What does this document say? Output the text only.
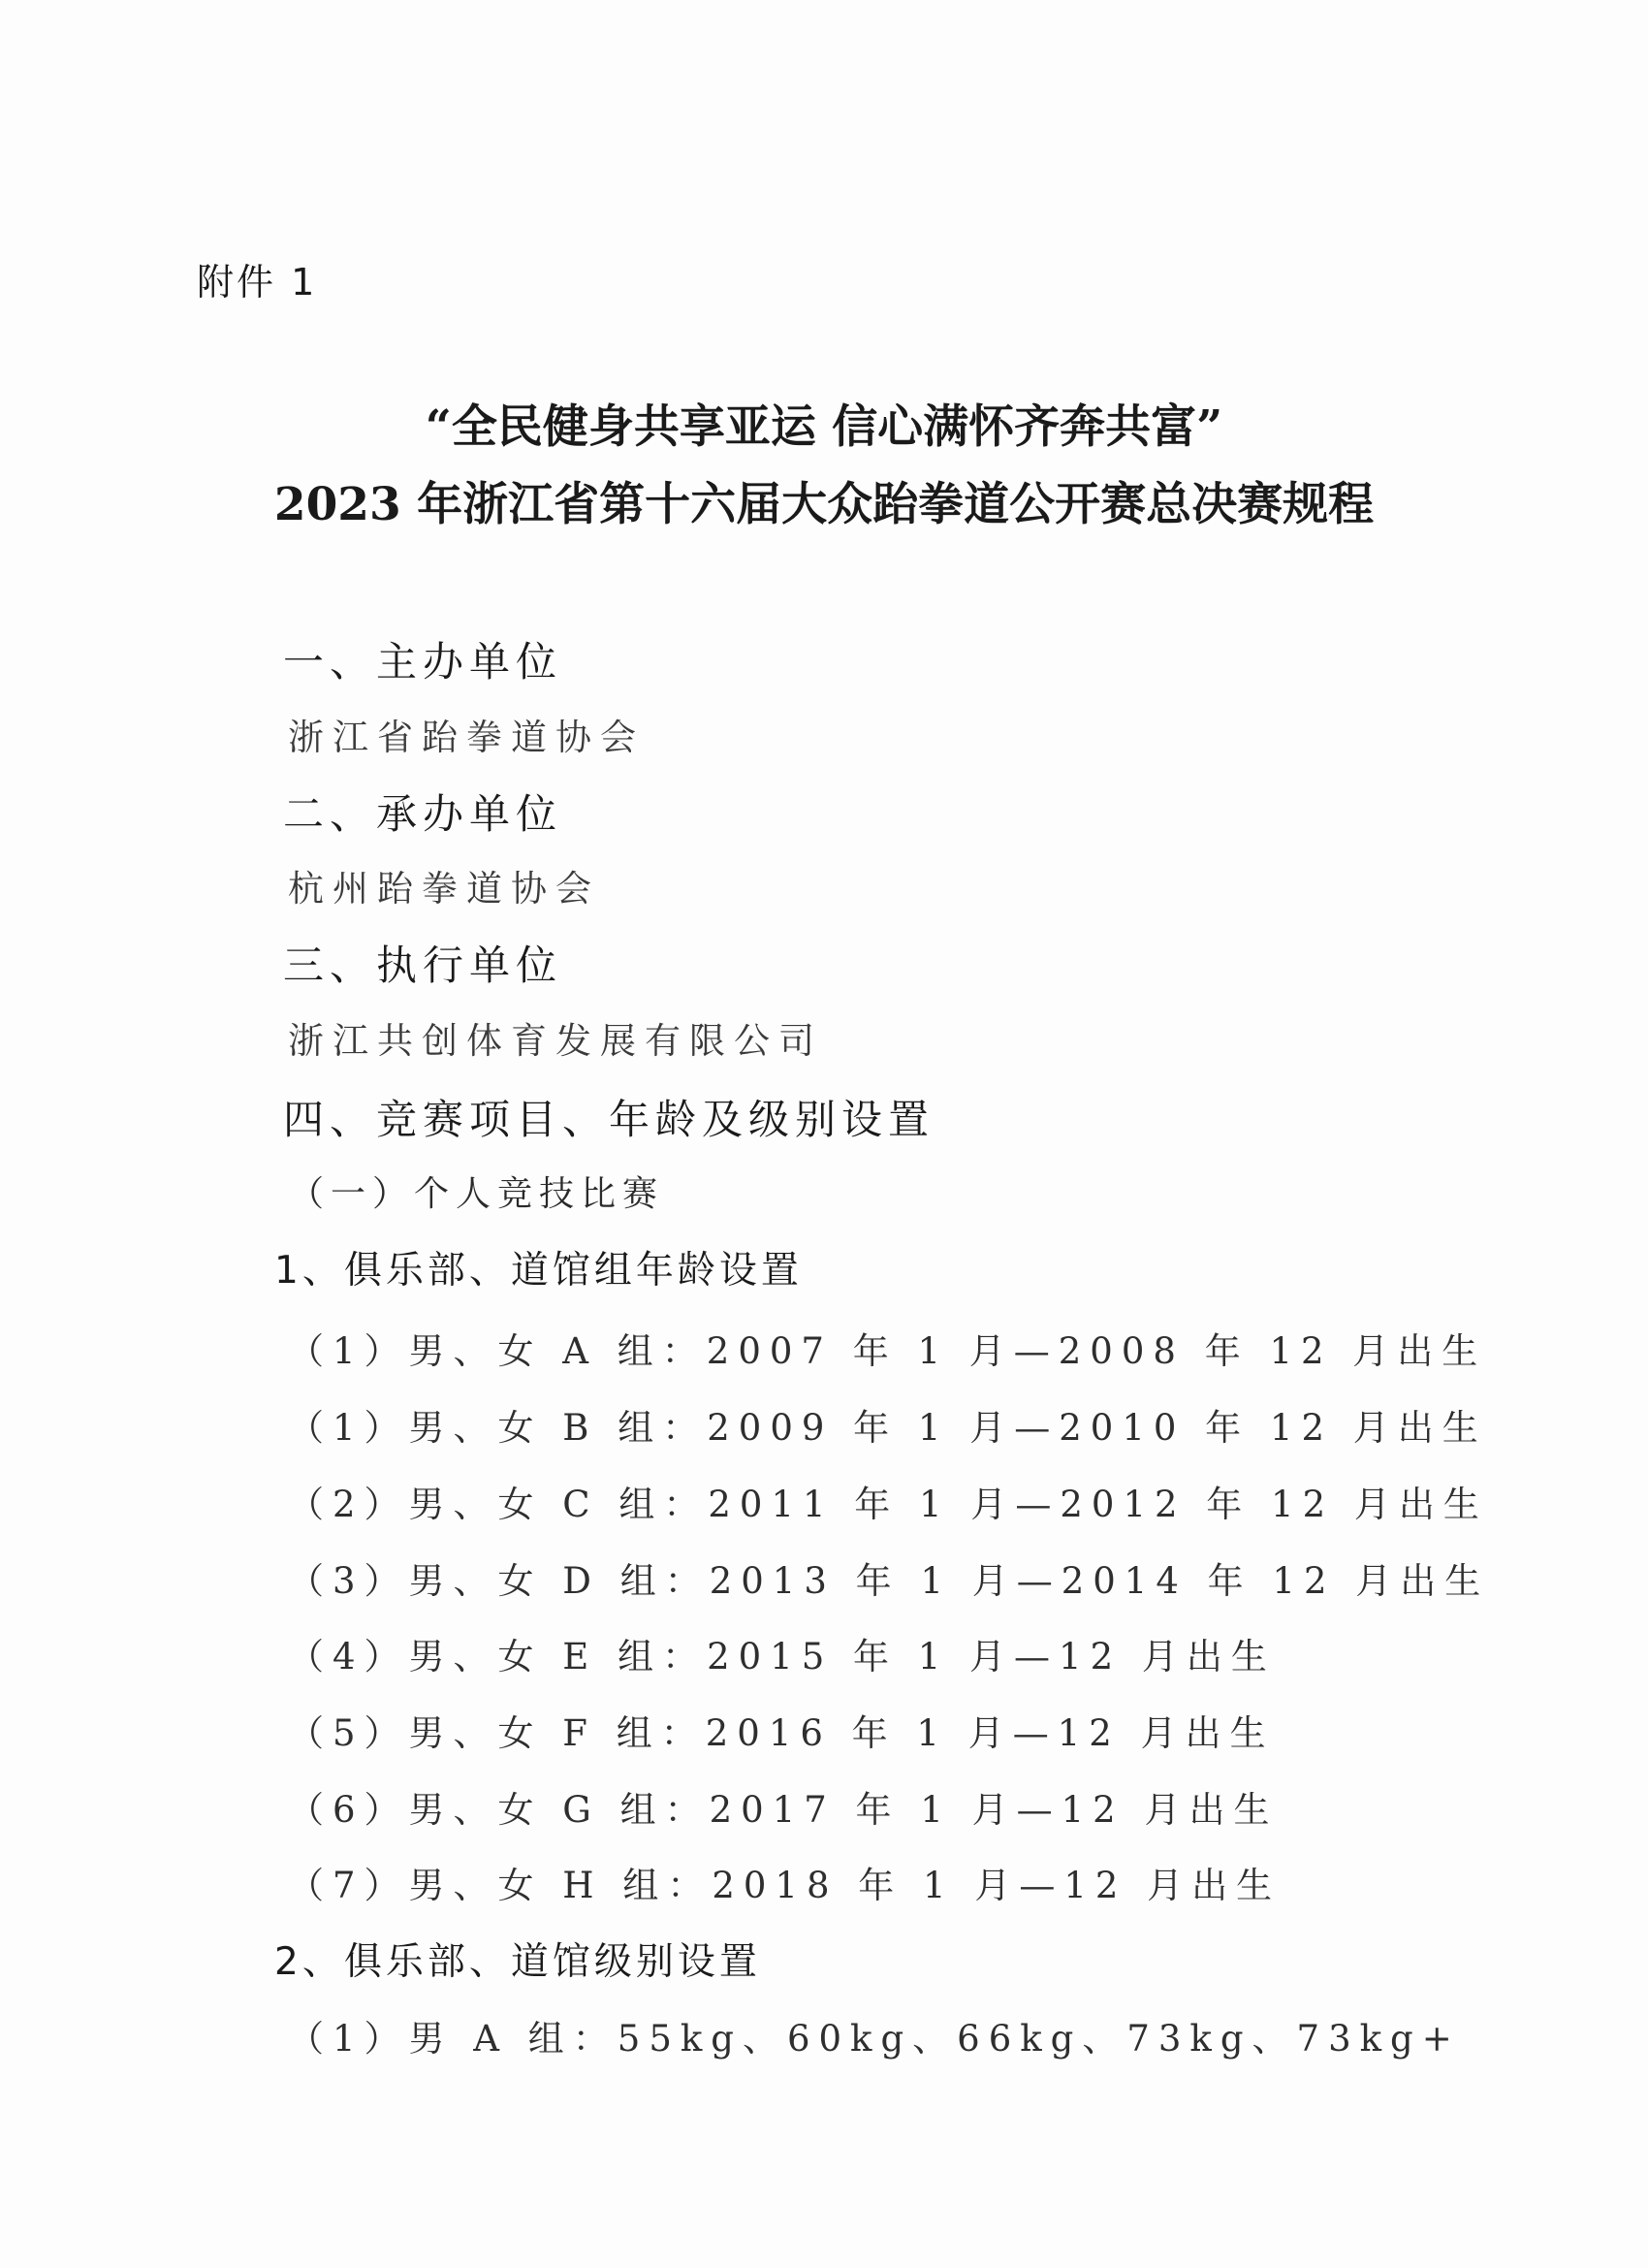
附件 1
“全民健身共享亚运 信心满怀齐奔共富”
2023 年浙江省第十六届大众跆拳道公开赛总决赛规程
一、主办单位
浙江省跆拳道协会
二、承办单位
杭州跆拳道协会
三、执行单位
浙江共创体育发展有限公司
四、竞赛项目、年龄及级别设置
（一）个人竞技比赛
1、俱乐部、道馆组年龄设置
（1）男、女 A 组：2007 年 1 月—2008 年 12 月出生
（1）男、女 B 组：2009 年 1 月—2010 年 12 月出生
（2）男、女 C 组：2011 年 1 月—2012 年 12 月出生
（3）男、女 D 组：2013 年 1 月—2014 年 12 月出生
（4）男、女 E 组：2015 年 1 月—12 月出生
（5）男、女 F 组：2016 年 1 月—12 月出生
（6）男、女 G 组：2017 年 1 月—12 月出生
（7）男、女 H 组：2018 年 1 月—12 月出生
2、俱乐部、道馆级别设置
（1）男 A 组：55kg、60kg、66kg、73kg、73kg+
